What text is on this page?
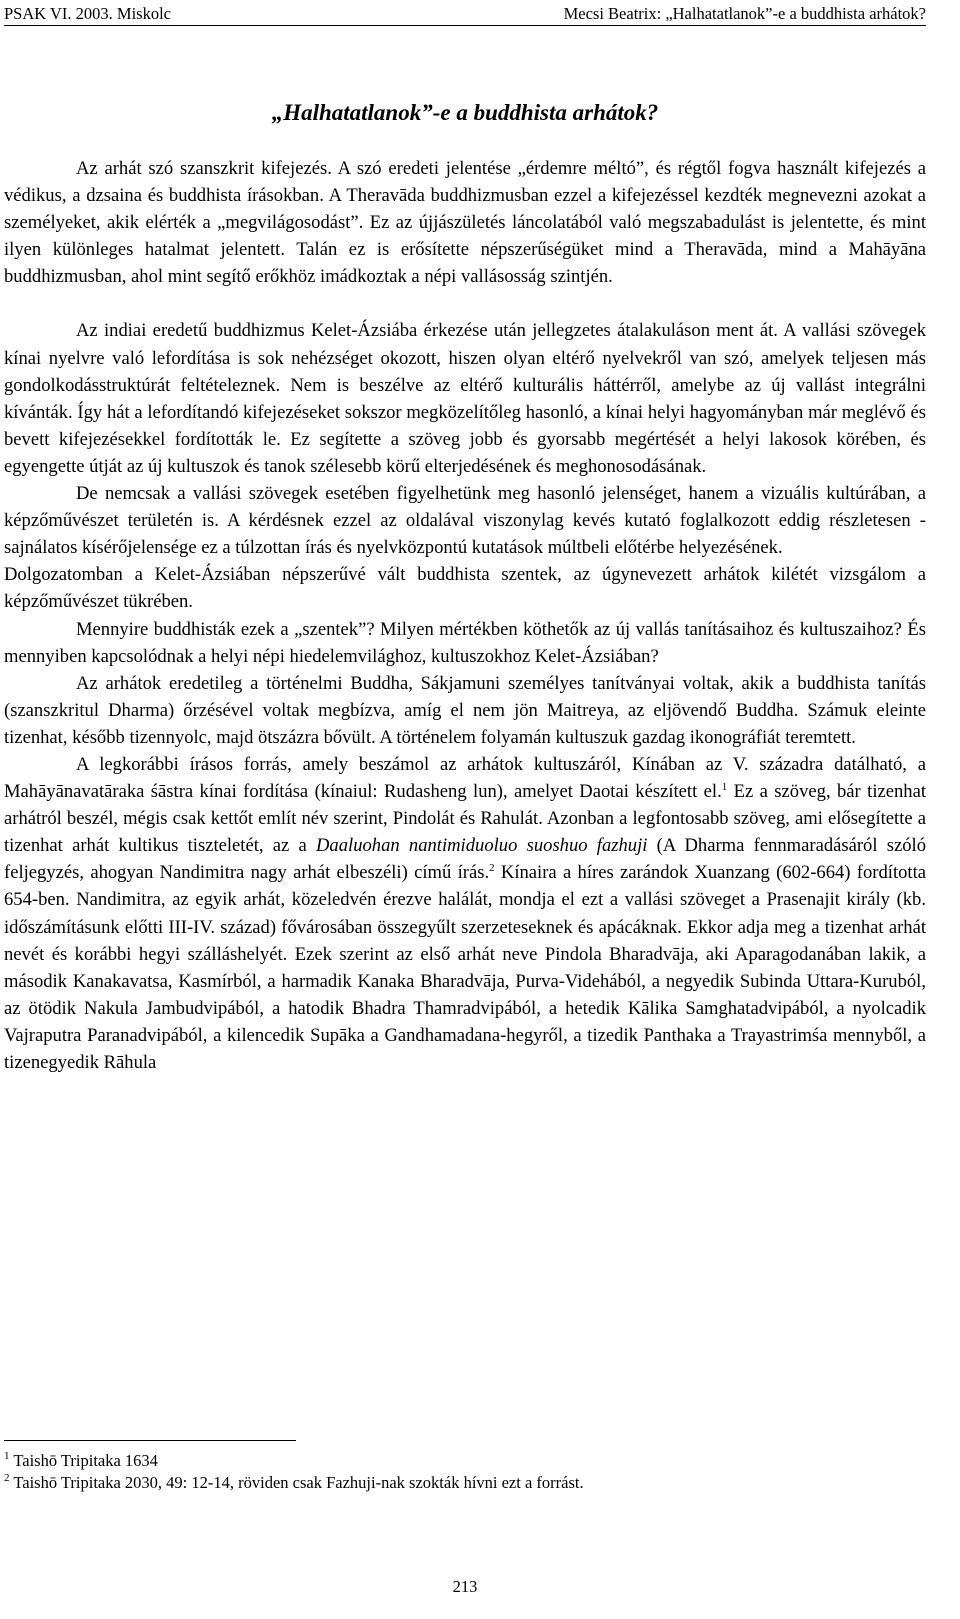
PSAK VI. 2003. Miskolc	Mecsi Beatrix: „Halhatatlanok”-e a buddhista arhátok?
„Halhatatlanok”-e a buddhista arhátok?

Az arhát szó szanszkrit kifejezés. A szó eredeti jelentése „érdemre méltó”, és régtől fogva használt kifejezés a védikus, a dzsaina és buddhista írásokban. A Theravāda buddhizmusban ezzel a kifejezéssel kezdték megnevezni azokat a személyeket, akik elérték a „megvilágosodást”. Ez az újjászületés láncolatából való megszabadulást is jelentette, és mint ilyen különleges hatalmat jelentett. Talán ez is erősítette népszerűségüket mind a Theravāda, mind a Mahāyāna buddhizmusban, ahol mint segítő erőkhöz imádkoztak a népi vallásosság szintjén.

Az indiai eredetű buddhizmus Kelet-Ázsiába érkezése után jellegzetes átalakuláson ment át. A vallási szövegek kínai nyelvre való lefordítása is sok nehézséget okozott, hiszen olyan eltérő nyelvekről van szó, amelyek teljesen más gondolkodásstruktúrát feltételeznek. Nem is beszélve az eltérő kulturális háttérről, amelybe az új vallást integrálni kívánták. Így hát a lefordítandó kifejezéseket sokszor megközelítőleg hasonló, a kínai helyi hagyományban már meglévő és bevett kifejezésekkel fordították le. Ez segítette a szöveg jobb és gyorsabb megértését a helyi lakosok körében, és egyengette útját az új kultuszok és tanok szélesebb körű elterjedésének és meghonosodásának.

De nemcsak a vallási szövegek esetében figyelhetünk meg hasonló jelenséget, hanem a vizuális kultúrában, a képzőművészet területén is. A kérdésnek ezzel az oldalával viszonylag kevés kutató foglalkozott eddig részletesen - sajnálatos kísérőjelensége ez a túlzottan írás és nyelvközpontú kutatások múltbeli előtérbe helyezésének.

Dolgozatomban a Kelet-Ázsiában népszerűvé vált buddhista szentek, az úgynevezett arhátok kilétét vizsgálom a képzőművészet tükrében.

Mennyire buddhisták ezek a „szentek”? Milyen mértékben köthetők az új vallás tanításaihoz és kultuszaihoz? És mennyiben kapcsolódnak a helyi népi hiedelemvilághoz, kultuszokhoz Kelet-Ázsiában?

Az arhátok eredetileg a történelmi Buddha, Sákjamuni személyes tanítványai voltak, akik a buddhista tanítás (szanszkritul Dharma) őrzésével voltak megbízva, amíg el nem jön Maitreya, az eljövendő Buddha. Számuk eleinte tizenhat, később tizennyolc, majd ötszázra bővült. A történelem folyamán kultuszuk gazdag ikonográfiát teremtett.

A legkorábbi írásos forrás, amely beszámol az arhátok kultuszáról, Kínában az V. századra datálható, a Mahāyānavatāraka śāstra kínai fordítása (kínaiul: Rudasheng lun), amelyet Daotai készített el.$^1$ Ez a szöveg, bár tizenhat arhátról beszél, mégis csak kettőt említ név szerint, Pindolát és Rahulát. Azonban a legfontosabb szöveg, ami elősegítette a tizenhat arhát kultikus tiszteletét, az a Daaluohan nantimiduoluo suoshuo fazhuji (A Dharma fennmaradásáról szóló feljegyzés, ahogyan Nandimitra nagy arhát elbeszéli) című írás.$^2$ Kínaira a híres zarándok Xuanzang (602-664) fordította 654-ben. Nandimitra, az egyik arhát, közeledvén érezve halálát, mondja el ezt a vallási szöveget a Prasenajit király (kb. időszámításunk előtti III-IV. század) fővárosában összegyűlt szerzeteseknek és apácáknak. Ekkor adja meg a tizenhat arhát nevét és korábbi hegyi szálláshelyét. Ezek szerint az első arhát neve Pindola Bharadvāja, aki Aparagodanában lakik, a második Kanakavatsa, Kasmírból, a harmadik Kanaka Bharadvāja, Purva-Videhából, a negyedik Subinda Uttara-Kuruból, az ötödik Nakula Jambudvipából, a hatodik Bhadra Thamradvipából, a hetedik Kālika Samghatadvipából, a nyolcadik Vajraputra Paranadvipából, a kilencedik Supāka a Gandhamadana-hegyről, a tizedik Panthaka a Trayastrimśa mennyből, a tizenegyedik Rāhula

$^1$ Taishō Tripitaka 1634

$^2$ Taishō Tripitaka 2030, 49: 12-14, röviden csak Fazhuji-nak szokták hívni ezt a forrást.

213
